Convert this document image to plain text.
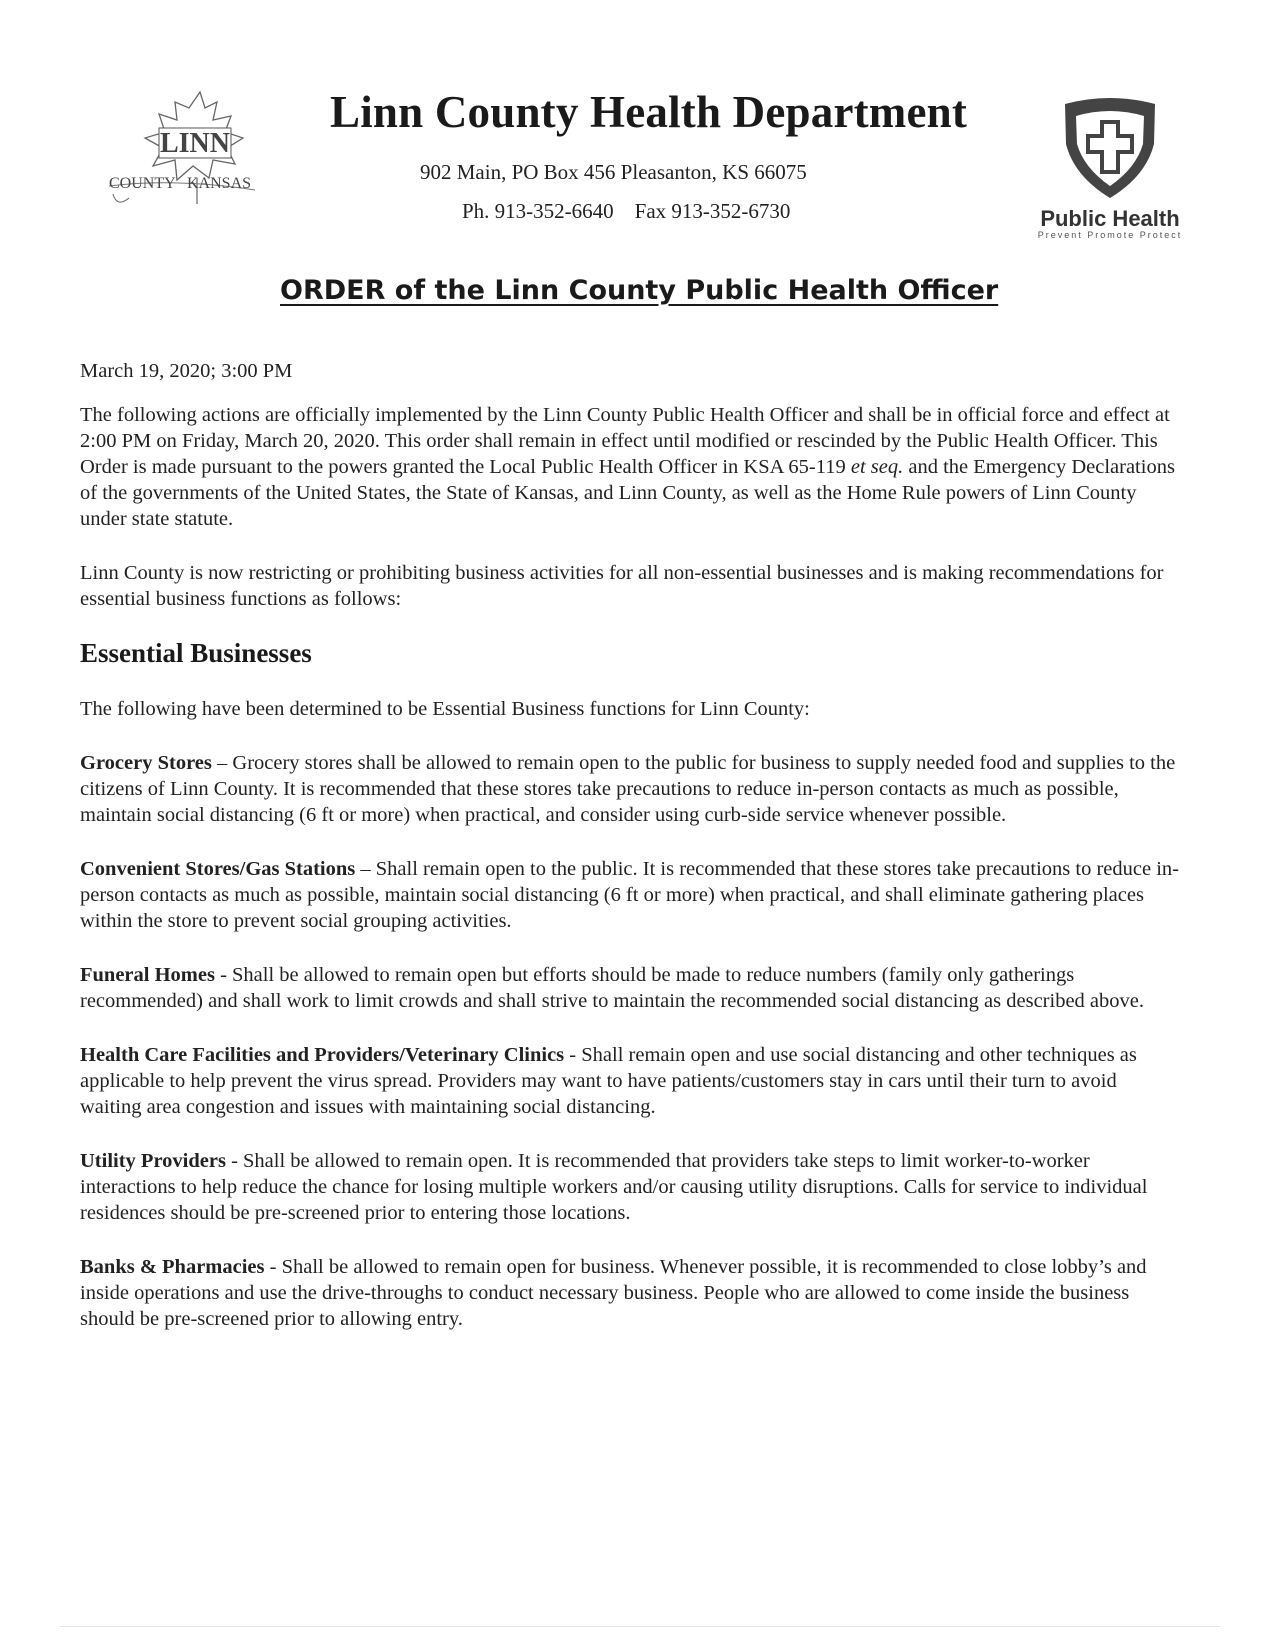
LINN
COUNTY KANSAS
Linn County Health Department
902 Main, PO Box 456 Pleasanton, KS 66075
Ph. 913-352-6640 Fax 913-352-6730	Public Health
Prevent Promote Protect
ORDER of the Linn County Public Health Officer

March 19, 2020; 3:00 PM

The following actions are officially implemented by the Linn County Public Health Officer and shall be in official force and effect at 2:00 PM on Friday, March 20, 2020. This order shall remain in effect until modified or rescinded by the Public Health Officer. This Order is made pursuant to the powers granted the Local Public Health Officer in KSA 65-119 et seq. and the Emergency Declarations of the governments of the United States, the State of Kansas, and Linn County, as well as the Home Rule powers of Linn County under state statute.

Linn County is now restricting or prohibiting business activities for all non-essential businesses and is making recommendations for essential business functions as follows:

Essential Businesses

The following have been determined to be Essential Business functions for Linn County:

Grocery Stores – Grocery stores shall be allowed to remain open to the public for business to supply needed food and supplies to the citizens of Linn County. It is recommended that these stores take precautions to reduce in-person contacts as much as possible, maintain social distancing (6 ft or more) when practical, and consider using curb-side service whenever possible.

Convenient Stores/Gas Stations – Shall remain open to the public. It is recommended that these stores take precautions to reduce in-person contacts as much as possible, maintain social distancing (6 ft or more) when practical, and shall eliminate gathering places within the store to prevent social grouping activities.

Funeral Homes - Shall be allowed to remain open but efforts should be made to reduce numbers (family only gatherings recommended) and shall work to limit crowds and shall strive to maintain the recommended social distancing as described above.

Health Care Facilities and Providers/Veterinary Clinics - Shall remain open and use social distancing and other techniques as applicable to help prevent the virus spread. Providers may want to have patients/customers stay in cars until their turn to avoid waiting area congestion and issues with maintaining social distancing.

Utility Providers - Shall be allowed to remain open. It is recommended that providers take steps to limit worker-to-worker interactions to help reduce the chance for losing multiple workers and/or causing utility disruptions. Calls for service to individual residences should be pre-screened prior to entering those locations.

Banks & Pharmacies - Shall be allowed to remain open for business. Whenever possible, it is recommended to close lobby’s and inside operations and use the drive-throughs to conduct necessary business. People who are allowed to come inside the business should be pre-screened prior to allowing entry.
